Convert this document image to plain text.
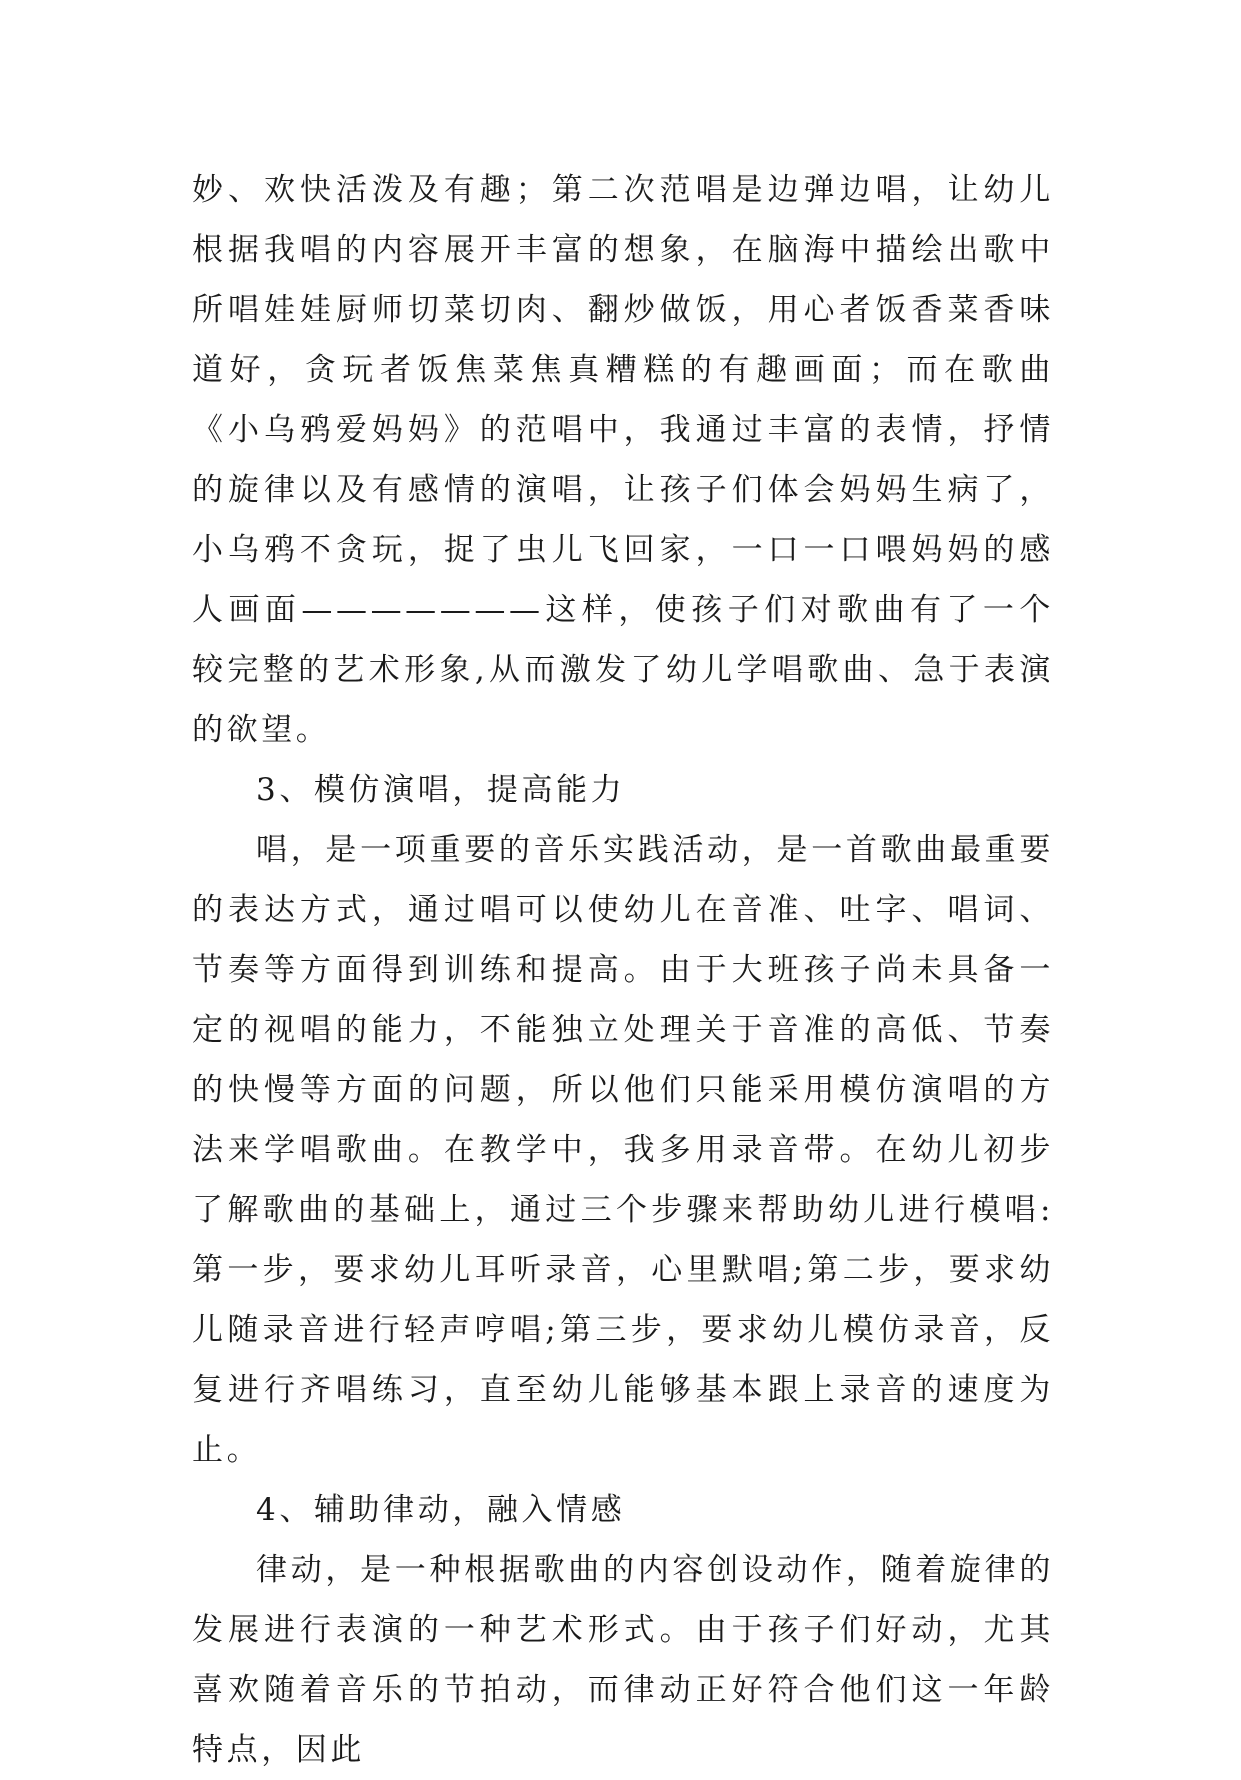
妙、欢快活泼及有趣；第二次范唱是边弹边唱，让幼儿根据我唱的内容展开丰富的想象，在脑海中描绘出歌中所唱娃娃厨师切菜切肉、翻炒做饭，用心者饭香菜香味道好，贪玩者饭焦菜焦真糟糕的有趣画面；而在歌曲《小乌鸦爱妈妈》的范唱中，我通过丰富的表情，抒情的旋律以及有感情的演唱，让孩子们体会妈妈生病了，小乌鸦不贪玩，捉了虫儿飞回家，一口一口喂妈妈的感人画面———————这样，使孩子们对歌曲有了一个较完整的艺术形象,从而激发了幼儿学唱歌曲、急于表演的欲望。

3、模仿演唱，提高能力

唱，是一项重要的音乐实践活动，是一首歌曲最重要的表达方式，通过唱可以使幼儿在音准、吐字、唱词、节奏等方面得到训练和提高。由于大班孩子尚未具备一定的视唱的能力，不能独立处理关于音准的高低、节奏的快慢等方面的问题，所以他们只能采用模仿演唱的方法来学唱歌曲。在教学中，我多用录音带。在幼儿初步了解歌曲的基础上，通过三个步骤来帮助幼儿进行模唱:第一步，要求幼儿耳听录音，心里默唱;第二步，要求幼儿随录音进行轻声哼唱;第三步，要求幼儿模仿录音，反复进行齐唱练习，直至幼儿能够基本跟上录音的速度为止。

4、辅助律动，融入情感

律动，是一种根据歌曲的内容创设动作，随着旋律的发展进行表演的一种艺术形式。由于孩子们好动，尤其喜欢随着音乐的节拍动，而律动正好符合他们这一年龄特点，因此
